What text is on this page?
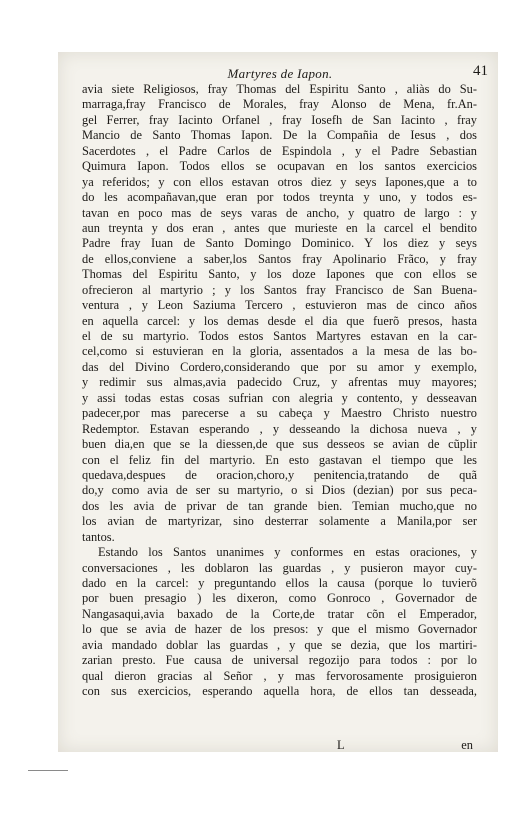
Martyres de Iapon.	41
avia siete Religiosos, fray Thomas del Espiritu Santo , aliàs do Su-
marraga,fray Francisco de Morales, fray Alonso de Mena, fr.An-
gel Ferrer, fray Iacinto Orfanel , fray Iosefh de San Iacinto , fray
Mancio de Santo Thomas Iapon. De la Compañia de Iesus , dos
Sacerdotes , el Padre Carlos de Espindola , y el Padre Sebastian
Quimura Iapon. Todos ellos se ocupavan en los santos exercicios
ya referidos; y con ellos estavan otros diez y seys Iapones,que a to
do les acompañavan,que eran por todos treynta y uno, y todos es-
tavan en poco mas de seys varas de ancho, y quatro de largo : y
aun treynta y dos eran , antes que murieste en la carcel el bendito
Padre fray Iuan de Santo Domingo Dominico. Y los diez y seys
de ellos,conviene a saber,los Santos fray Apolinario Frãco, y fray
Thomas del Espiritu Santo, y los doze Iapones que con ellos se
ofrecieron al martyrio ; y los Santos fray Francisco de San Buena-
ventura , y Leon Saziuma Tercero , estuvieron mas de cinco años
en aquella carcel: y los demas desde el dia que fuerõ presos, hasta
el de su martyrio. Todos estos Santos Martyres estavan en la car-
cel,como si estuvieran en la gloria, assentados a la mesa de las bo-
das del Divino Cordero,considerando que por su amor y exemplo,
y redimir sus almas,avia padecido Cruz, y afrentas muy mayores;
y assi todas estas cosas sufrian con alegria y contento, y desseavan
padecer,por mas parecerse a su cabeça y Maestro Christo nuestro
Redemptor. Estavan esperando , y desseando la dichosa nueva , y
buen dia,en que se la diessen,de que sus desseos se avian de cũplir
con el feliz fin del martyrio. En esto gastavan el tiempo que les
quedava,despues de oracion,choro,y penitencia,tratando de quã
do,y como avia de ser su martyrio, o si Dios (dezian) por sus peca-
dos les avia de privar de tan grande bien. Temian mucho,que no
los avian de martyrizar, sino desterrar solamente a Manila,por ser
tantos.
Estando los Santos unanimes y conformes en estas oraciones, y
conversaciones , les doblaron las guardas , y pusieron mayor cuy-
dado en la carcel: y preguntando ellos la causa (porque lo tuvierõ
por buen presagio ) les dixeron, como Gonroco , Governador de
Nangasaqui,avia baxado de la Corte,de tratar cõn el Emperador,
lo que se avia de hazer de los presos: y que el mismo Governador
avia mandado doblar las guardas , y que se dezia, que los martiri-
zarian presto. Fue causa de universal regozijo para todos : por lo
qual dieron gracias al Señor , y mas fervorosamente prosiguieron
con sus exercicios, esperando aquella hora, de ellos tan desseada,
L	en
